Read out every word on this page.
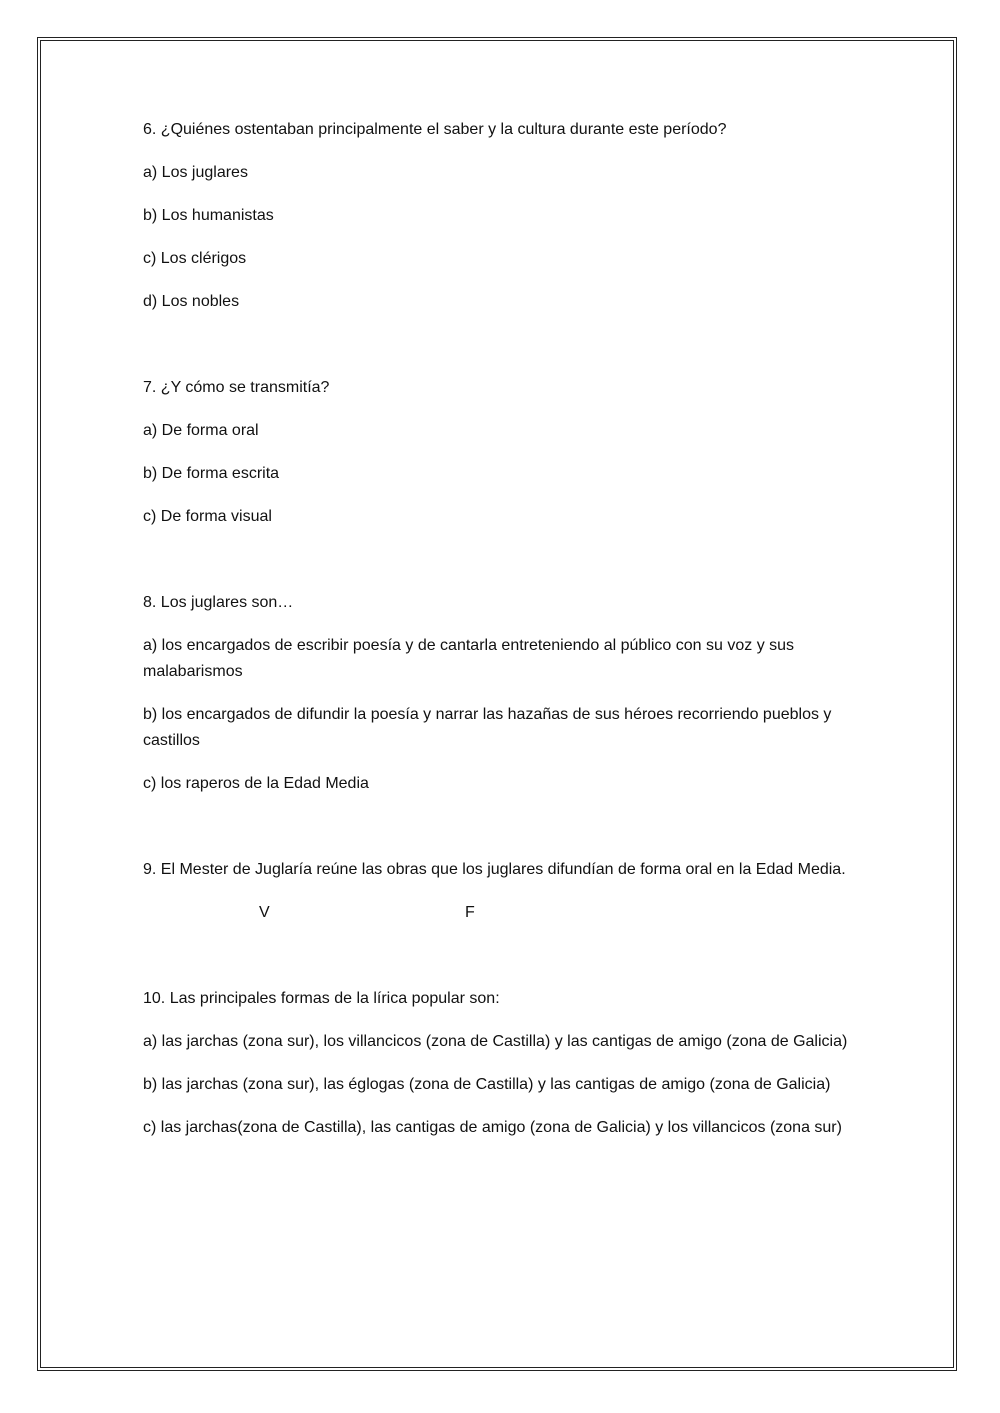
6. ¿Quiénes ostentaban principalmente el saber y la cultura durante este período?

a) Los juglares

b) Los humanistas

c) Los clérigos

d) Los nobles

7. ¿Y cómo se transmitía?

a) De forma oral

b) De forma escrita

c) De forma visual

8. Los juglares son…

a) los encargados de escribir poesía y de cantarla entreteniendo al público con su voz y sus malabarismos

b) los encargados de difundir la poesía y narrar las hazañas de sus héroes recorriendo pueblos y castillos

c) los raperos de la Edad Media

9. El Mester de Juglaría reúne las obras que los juglares difundían de forma oral en la Edad Media.

V	F

10. Las principales formas de la lírica popular son:

a) las jarchas (zona sur), los villancicos (zona de Castilla) y las cantigas de amigo (zona de Galicia)

b) las jarchas (zona sur), las églogas (zona de Castilla) y las cantigas de amigo (zona de Galicia)

c) las jarchas(zona de Castilla), las cantigas de amigo (zona de Galicia) y los villancicos (zona sur)
